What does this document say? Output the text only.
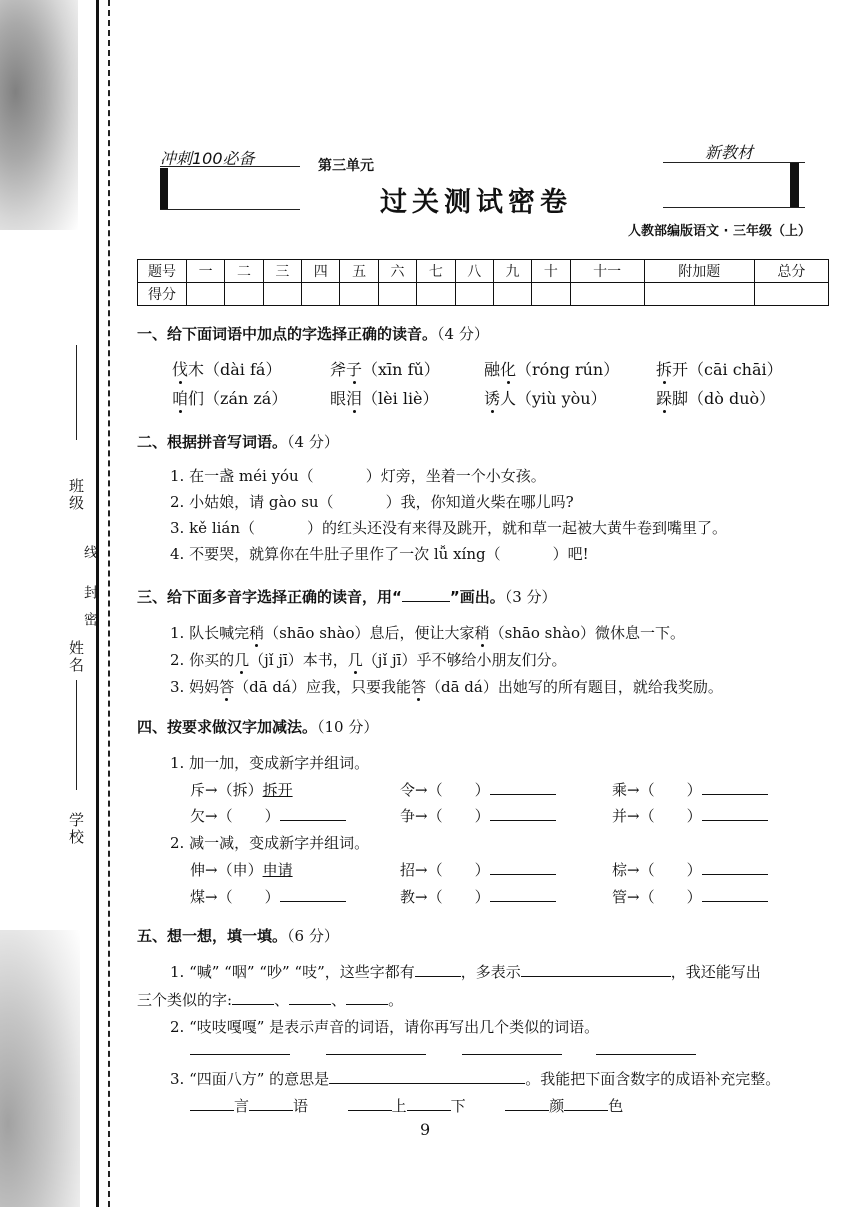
班级
姓名
学校
密
封
线
冲刺100必备	第三单元
过关测试密卷
新教材
人教部编版语文 · 三年级（上）
题号	一	二	三	四	五	六	七	八	九	十	十一	附加题	总分
得分													
一、给下面词语中加点的字选择正确的读音。（4 分）
伐木（dài fá）	斧子（xīn fǔ）	融化（róng rún） 拆开（cāi chāi）
咱们（zán zá）	眼泪（lèi liè）	诱人（yiù yòu）	跺脚（dò duò）
二、根据拼音写词语。（4 分）
1. 在一盏 méi yóu（	）灯旁，坐着一个小女孩。
2. 小姑娘，请 gào su（	）我，你知道火柴在哪儿吗?
3. kě lián（	）的红头还没有来得及跳开，就和草一起被大黄牛卷到嘴里了。
4. 不要哭，就算你在牛肚子里作了一次 lǚ xíng（	）吧!
三、给下面多音字选择正确的读音，用“	”画出。（3 分）
1. 队长喊完稍（shāo shào）息后，便让大家稍（shāo shào）微休息一下。
2. 你买的几（jǐ jī）本书，几（jǐ jī）乎不够给小朋友们分。
3. 妈妈答（dā dá）应我，只要我能答（dā dá）出她写的所有题目，就给我奖励。
四、按要求做汉字加减法。（10 分）
1. 加一加，变成新字并组词。
斥→（拆）拆开	令→（ ）	乘→（ ）
欠→（ ）	争→（ ）	并→（ ）
2. 减一减，变成新字并组词。
伸→（申）申请	招→（ ）	棕→（ ）
煤→（ ）	教→（ ）	管→（ ）
五、想一想，填一填。（6 分）
1. “喊” “咽” “吵” “吱”，这些字都有	，多表示	，我还能写出
三个类似的字:	、	、	。
2. “吱吱嘎嘎” 是表示声音的词语，请你再写出几个类似的词语。
3. “四面八方” 的意思是	。我能把下面含数字的成语补充完整。
言	语	上	下	颜	色
9
